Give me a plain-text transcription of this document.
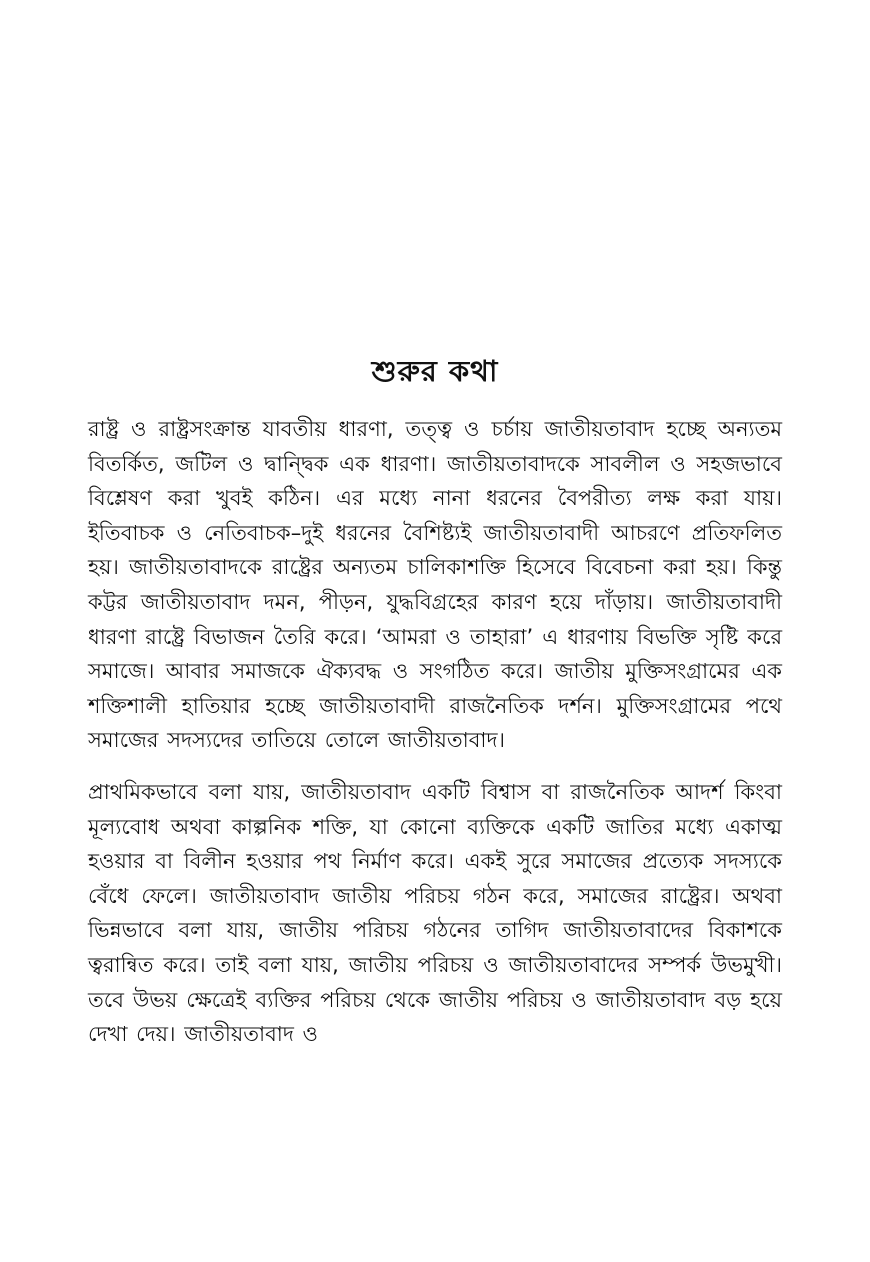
শুরুর কথা

রাষ্ট্র ও রাষ্ট্রসংক্রান্ত যাবতীয় ধারণা, তত্ত্ব ও চর্চায় জাতীয়তাবাদ হচ্ছে অন্যতম বিতর্কিত, জটিল ও দ্বান্দ্বিক এক ধারণা। জাতীয়তাবাদকে সাবলীল ও সহজভাবে বিশ্লেষণ করা খুবই কঠিন। এর মধ্যে নানা ধরনের বৈপরীত্য লক্ষ করা যায়। ইতিবাচক ও নেতিবাচক–দুই ধরনের বৈশিষ্ট্যই জাতীয়তাবাদী আচরণে প্রতিফলিত হয়। জাতীয়তাবাদকে রাষ্ট্রের অন্যতম চালিকাশক্তি হিসেবে বিবেচনা করা হয়। কিন্তু কট্টর জাতীয়তাবাদ দমন, পীড়ন, যুদ্ধবিগ্রহের কারণ হয়ে দাঁড়ায়। জাতীয়তাবাদী ধারণা রাষ্ট্রে বিভাজন তৈরি করে। ‘আমরা ও তাহারা’ এ ধারণায় বিভক্তি সৃষ্টি করে সমাজে। আবার সমাজকে ঐক্যবদ্ধ ও সংগঠিত করে। জাতীয় মুক্তিসংগ্রামের এক শক্তিশালী হাতিয়ার হচ্ছে জাতীয়তাবাদী রাজনৈতিক দর্শন। মুক্তিসংগ্রামের পথে সমাজের সদস্যদের তাতিয়ে তোলে জাতীয়তাবাদ।

প্রাথমিকভাবে বলা যায়, জাতীয়তাবাদ একটি বিশ্বাস বা রাজনৈতিক আদর্শ কিংবা মূল্যবোধ অথবা কাল্পনিক শক্তি, যা কোনো ব্যক্তিকে একটি জাতির মধ্যে একাত্ম হওয়ার বা বিলীন হওয়ার পথ নির্মাণ করে। একই সুরে সমাজের প্রত্যেক সদস্যকে বেঁধে ফেলে। জাতীয়তাবাদ জাতীয় পরিচয় গঠন করে, সমাজের রাষ্ট্রের। অথবা ভিন্নভাবে বলা যায়, জাতীয় পরিচয় গঠনের তাগিদ জাতীয়তাবাদের বিকাশকে ত্বরান্বিত করে। তাই বলা যায়, জাতীয় পরিচয় ও জাতীয়তাবাদের সম্পর্ক উভমুখী। তবে উভয় ক্ষেত্রেই ব্যক্তির পরিচয় থেকে জাতীয় পরিচয় ও জাতীয়তাবাদ বড় হয়ে দেখা দেয়। জাতীয়তাবাদ ও
